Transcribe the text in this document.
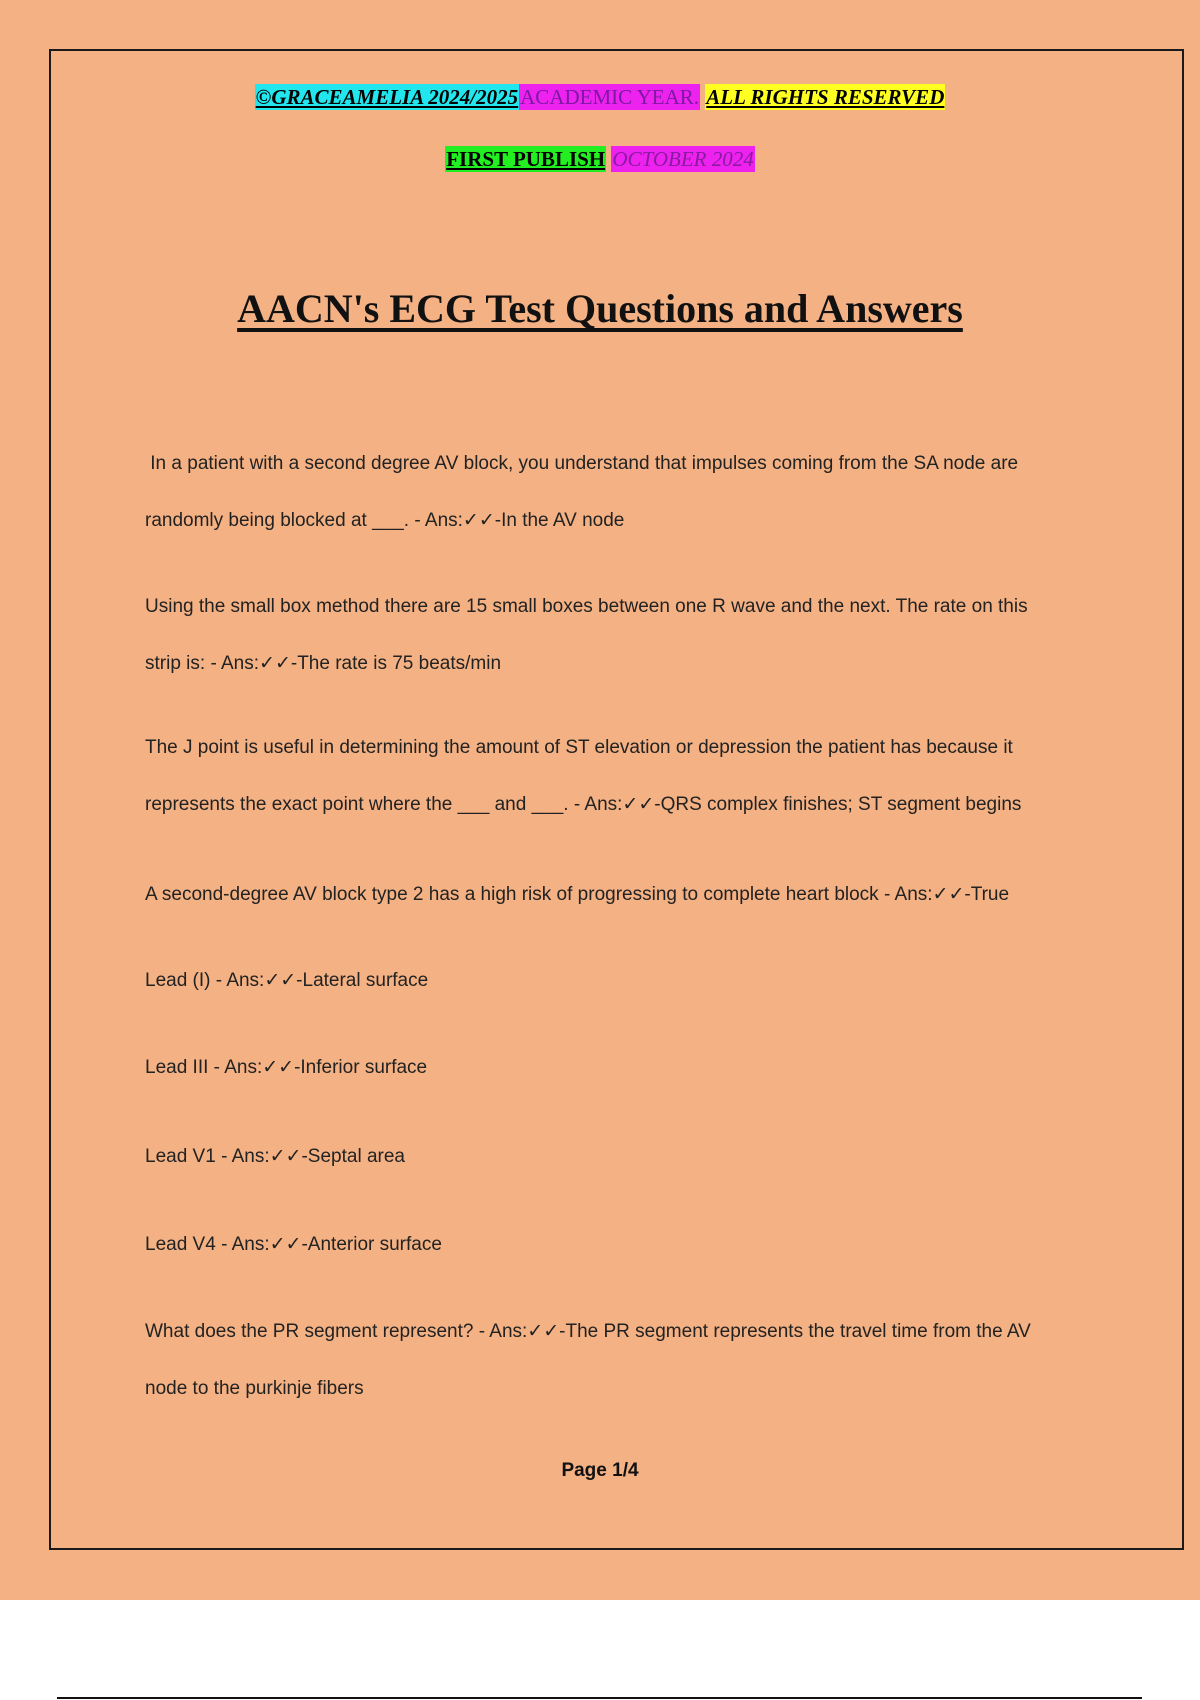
©GRACEAMELIA 2024/2025ACADEMIC YEAR. ALL RIGHTS RESERVED
FIRST PUBLISH OCTOBER 2024
AACN's ECG Test Questions and Answers
In a patient with a second degree AV block, you understand that impulses coming from the SA node are
randomly being blocked at ___. - Ans:✓✓-In the AV node
Using the small box method there are 15 small boxes between one R wave and the next. The rate on this
strip is: - Ans:✓✓-The rate is 75 beats/min
The J point is useful in determining the amount of ST elevation or depression the patient has because it
represents the exact point where the ___ and ___. - Ans:✓✓-QRS complex finishes; ST segment begins
A second-degree AV block type 2 has a high risk of progressing to complete heart block - Ans:✓✓-True
Lead (I) - Ans:✓✓-Lateral surface
Lead III - Ans:✓✓-Inferior surface
Lead V1 - Ans:✓✓-Septal area
Lead V4 - Ans:✓✓-Anterior surface
What does the PR segment represent? - Ans:✓✓-The PR segment represents the travel time from the AV
node to the purkinje fibers
Page 1/4
